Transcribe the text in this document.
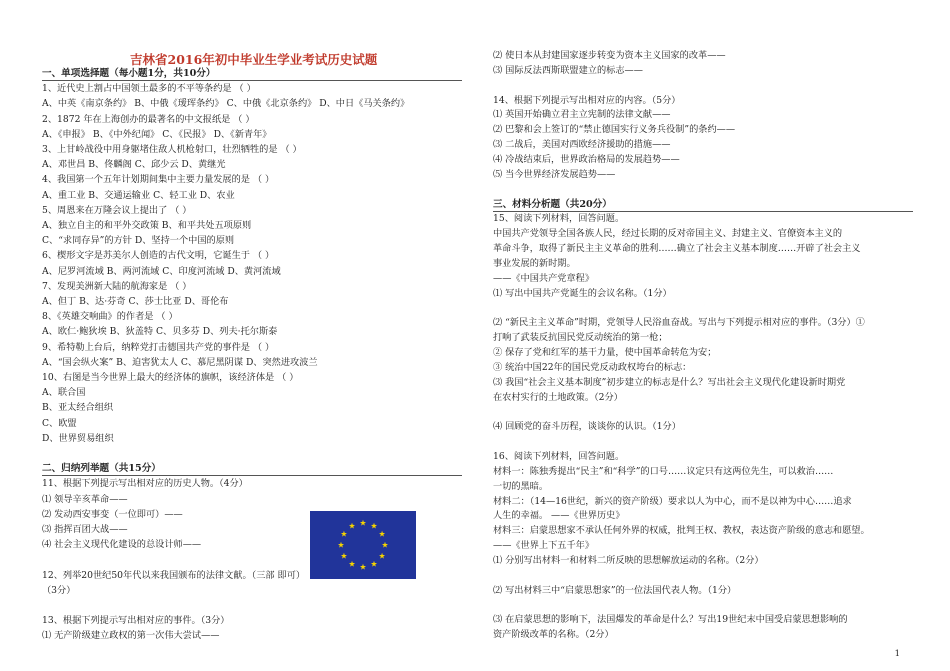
吉林省2016年初中毕业生学业考试历史试题
一、单项选择题（每小题1分，共10分）
1、近代史上割占中国领土最多的不平等条约是 （ ）
A、中英《南京条约》 B、中俄《瑷珲条约》 C、中俄《北京条约》 D、中日《马关条约》
2、1872 年在上海创办的最著名的中文报纸是 （ ）
A、《申报》 B、《中外纪闻》 C、《民报》 D、《新青年》
3、上甘岭战役中用身躯堵住敌人机枪射口，壮烈牺牲的是 （ ）
A、邓世昌 B、佟麟阁 C、邱少云 D、黄继光
4、我国第一个五年计划期间集中主要力量发展的是 （ ）
A、重工业 B、交通运输业 C、轻工业 D、农业
5、周恩来在万隆会议上提出了 （ ）
A、独立自主的和平外交政策 B、和平共处五项原则
C、“求同存异”的方针 D、坚持一个中国的原则
6、楔形文字是苏美尔人创造的古代文明，它诞生于 （ ）
A、尼罗河流域 B、两河流域 C、印度河流域 D、黄河流域
7、发现美洲新大陆的航海家是 （ ）
A、但丁 B、达·芬奇 C、莎士比亚 D、哥伦布
8、《英雄交响曲》的作者是 （ ）
A、欧仁·鲍狄埃 B、狄盖特 C、贝多芬 D、列夫·托尔斯泰
9、希特勒上台后，纳粹党打击德国共产党的事件是 （ ）
A、“国会纵火案” B、迫害犹太人 C、慕尼黑阴谋 D、突然进攻波兰
10、右图是当今世界上最大的经济体的旗帜，该经济体是 （ ）
A、联合国
B、亚太经合组织
C、欧盟
D、世界贸易组织
二、归纳列举题（共15分）
11、根据下列提示写出相对应的历史人物。（4分）
⑴ 领导辛亥革命——
⑵ 发动西安事变（一位即可）——
⑶ 指挥百团大战——
⑷ 社会主义现代化建设的总设计师——
12、列举20世纪50年代以来我国颁布的法律文献。（三部 即可）
（3分）
13、根据下列提示写出相对应的事件。（3分）
⑴ 无产阶级建立政权的第一次伟大尝试——
⑵ 使日本从封建国家逐步转变为资本主义国家的改革——
⑶ 国际反法西斯联盟建立的标志——
14、根据下列提示写出相对应的内容。（5分）
⑴ 英国开始确立君主立宪制的法律文献——
⑵ 巴黎和会上签订的“禁止德国实行义务兵役制”的条约——
⑶ 二战后，美国对西欧经济援助的措施——
⑷ 冷战结束后，世界政治格局的发展趋势——
⑸ 当今世界经济发展趋势——
三、材料分析题（共20分）
15、阅读下列材料，回答问题。
中国共产党领导全国各族人民，经过长期的反对帝国主义、封建主义、官僚资本主义的
革命斗争，取得了新民主主义革命的胜利……确立了社会主义基本制度……开辟了社会主义
事业发展的新时期。
——《中国共产党章程》
⑴ 写出中国共产党诞生的会议名称。（1分）
⑵ “新民主主义革命”时期，党领导人民浴血奋战。写出与下列提示相对应的事件。（3分）①
打响了武装反抗国民党反动统治的第一枪；
② 保存了党和红军的基干力量，使中国革命转危为安；
③ 统治中国22年的国民党反动政权垮台的标志：
⑶ 我国“社会主义基本制度”初步建立的标志是什么？写出社会主义现代化建设新时期党
在农村实行的土地政策。（2分）
⑷ 回顾党的奋斗历程，谈谈你的认识。（1分）
16、阅读下列材料，回答问题。
材料一：陈独秀提出“民主”和“科学”的口号……议定只有这两位先生，可以救治……
一切的黑暗。
材料二：（14—16世纪，新兴的资产阶级）要求以人为中心，而不是以神为中心……追求
人生的幸福。 ——《世界历史》
材料三：启蒙思想家不承认任何外界的权威，批判王权、教权，表达资产阶级的意志和愿望。
——《世界上下五千年》
⑴ 分别写出材料一和材料二所反映的思想解放运动的名称。（2分）
⑵ 写出材料三中“启蒙思想家”的一位法国代表人物。（1分）
⑶ 在启蒙思想的影响下，法国爆发的革命是什么？写出19世纪末中国受启蒙思想影响的
资产阶级改革的名称。（2分）
1
